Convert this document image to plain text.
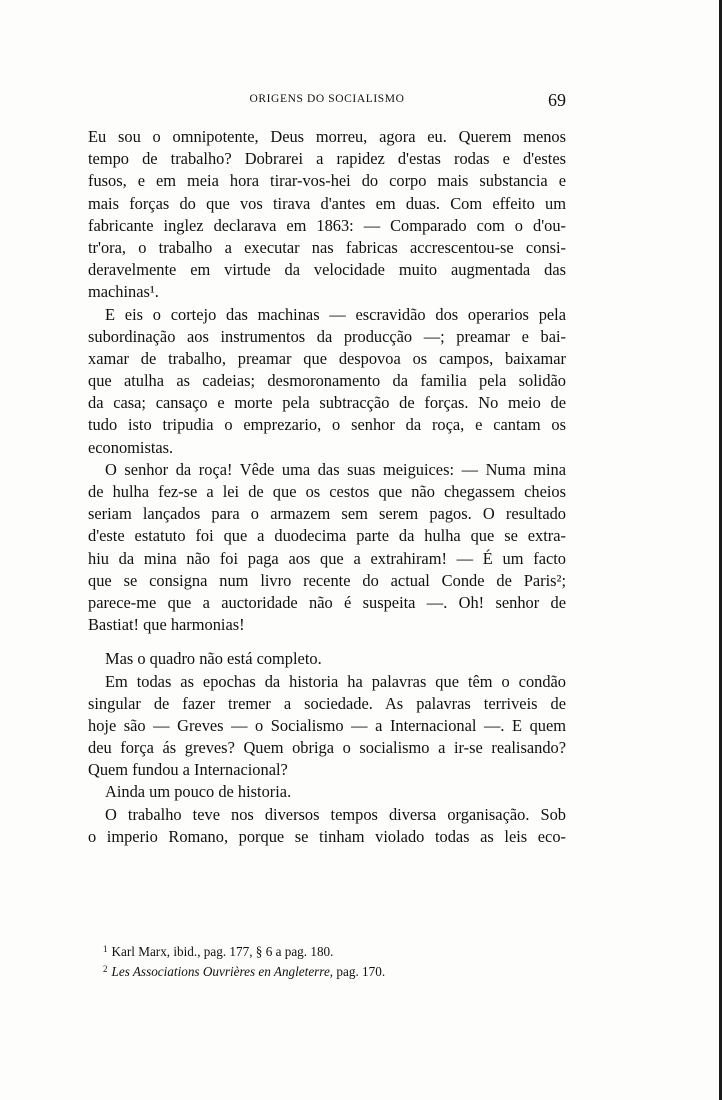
ORIGENS DO SOCIALISMO	69
Eu sou o omnipotente, Deus morreu, agora eu. Querem menos
tempo de trabalho? Dobrarei a rapidez d'estas rodas e d'estes
fusos, e em meia hora tirar-vos-hei do corpo mais substancia e
mais forças do que vos tirava d'antes em duas. Com effeito um
fabricante inglez declarava em 1863: — Comparado com o d'ou-
tr'ora, o trabalho a executar nas fabricas accrescentou-se consi-
deravelmente em virtude da velocidade muito augmentada das
machinas¹.
E eis o cortejo das machinas — escravidão dos operarios pela
subordinação aos instrumentos da producção —; preamar e bai-
xamar de trabalho, preamar que despovoa os campos, baixamar
que atulha as cadeias; desmoronamento da familia pela solidão
da casa; cansaço e morte pela subtracção de forças. No meio de
tudo isto tripudia o emprezario, o senhor da roça, e cantam os
economistas.
O senhor da roça! Vêde uma das suas meiguices: — Numa mina
de hulha fez-se a lei de que os cestos que não chegassem cheios
seriam lançados para o armazem sem serem pagos. O resultado
d'este estatuto foi que a duodecima parte da hulha que se extra-
hiu da mina não foi paga aos que a extrahiram! — É um facto
que se consigna num livro recente do actual Conde de Paris²;
parece-me que a auctoridade não é suspeita —. Oh! senhor de
Bastiat! que harmonias!
Mas o quadro não está completo.
Em todas as epochas da historia ha palavras que têm o condão
singular de fazer tremer a sociedade. As palavras terriveis de
hoje são — Greves — o Socialismo — a Internacional —. E quem
deu força ás greves? Quem obriga o socialismo a ir-se realisando?
Quem fundou a Internacional?
Ainda um pouco de historia.
O trabalho teve nos diversos tempos diversa organisação. Sob
o imperio Romano, porque se tinham violado todas as leis eco-
$^1$ Karl Marx, ibid., pag. 177, § 6 a pag. 180.
$^2$ Les Associations Ouvrières en Angleterre, pag. 170.
